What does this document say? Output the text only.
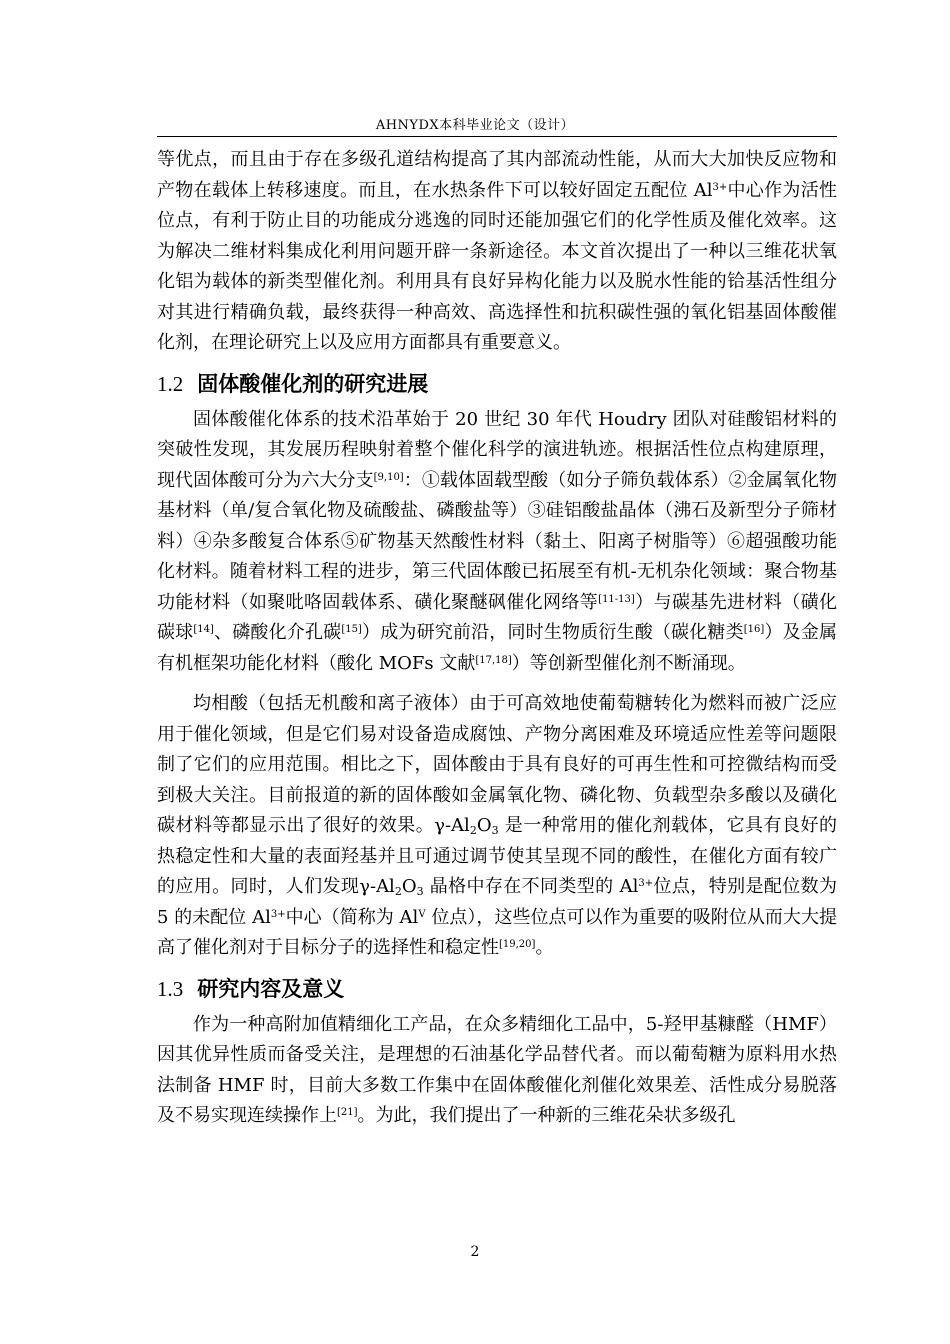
AHNYDX本科毕业论文（设计）

等优点，而且由于存在多级孔道结构提高了其内部流动性能，从而大大加快反应物和产物在载体上转移速度。而且，在水热条件下可以较好固定五配位 $Al^{3+}$中心作为活性位点，有利于防止目的功能成分逃逸的同时还能加强它们的化学性质及催化效率。这为解决二维材料集成化利用问题开辟一条新途径。本文首次提出了一种以三维花状氧化铝为载体的新类型催化剂。利用具有良好异构化能力以及脱水性能的铪基活性组分对其进行精确负载，最终获得一种高效、高选择性和抗积碳性强的氧化铝基固体酸催化剂，在理论研究上以及应用方面都具有重要意义。

1.2 固体酸催化剂的研究进展

固体酸催化体系的技术沿革始于 20 世纪 30 年代 Houdry 团队对硅酸铝材料的突破性发现，其发展历程映射着整个催化科学的演进轨迹。根据活性位点构建原理，现代固体酸可分为六大分支[9,10]：①载体固载型酸（如分子筛负载体系）②金属氧化物基材料（单/复合氧化物及硫酸盐、磷酸盐等）③硅铝酸盐晶体（沸石及新型分子筛材料）④杂多酸复合体系⑤矿物基天然酸性材料（黏土、阳离子树脂等）⑥超强酸功能化材料。随着材料工程的进步，第三代固体酸已拓展至有机-无机杂化领域：聚合物基功能材料（如聚吡咯固载体系、磺化聚醚砜催化网络等[11-13]）与碳基先进材料（磺化碳球[14]、磷酸化介孔碳[15]）成为研究前沿，同时生物质衍生酸（碳化糖类[16]）及金属有机框架功能化材料（酸化 MOFs 文献[17,18]）等创新型催化剂不断涌现。

均相酸（包括无机酸和离子液体）由于可高效地使葡萄糖转化为燃料而被广泛应用于催化领域，但是它们易对设备造成腐蚀、产物分离困难及环境适应性差等问题限制了它们的应用范围。相比之下，固体酸由于具有良好的可再生性和可控微结构而受到极大关注。目前报道的新的固体酸如金属氧化物、磷化物、负载型杂多酸以及磺化碳材料等都显示出了很好的效果。$\gamma-Al_2O_3$ 是一种常用的催化剂载体，它具有良好的热稳定性和大量的表面羟基并且可通过调节使其呈现不同的酸性，在催化方面有较广的应用。同时，人们发现$\gamma-Al_2O_3$ 晶格中存在不同类型的 $Al^{3+}$位点，特别是配位数为 5 的未配位 $Al^{3+}$中心（简称为 $Al^V$ 位点），这些位点可以作为重要的吸附位从而大大提高了催化剂对于目标分子的选择性和稳定性[19,20]。

1.3 研究内容及意义

作为一种高附加值精细化工产品，在众多精细化工品中，5-羟甲基糠醛（HMF）因其优异性质而备受关注，是理想的石油基化学品替代者。而以葡萄糖为原料用水热法制备 HMF 时，目前大多数工作集中在固体酸催化剂催化效果差、活性成分易脱落及不易实现连续操作上[21]。为此，我们提出了一种新的三维花朵状多级孔

2
